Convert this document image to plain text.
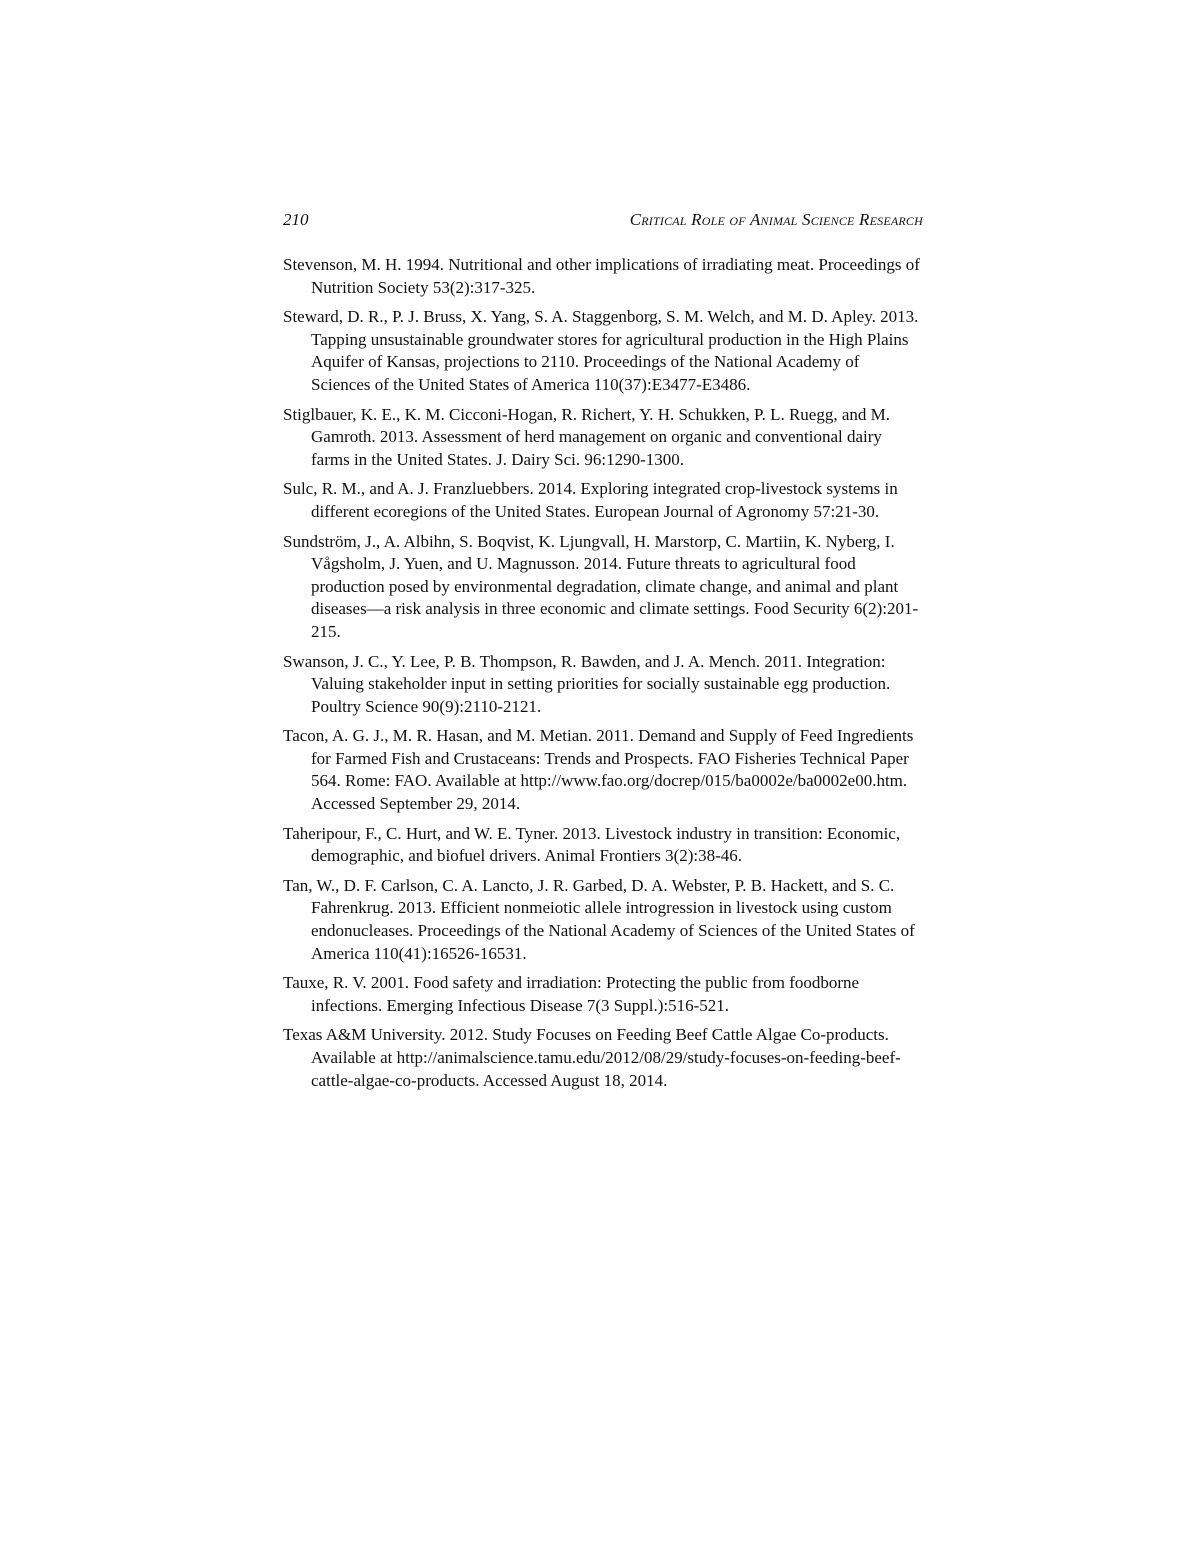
210	Critical Role of Animal Science Research

Stevenson, M. H. 1994. Nutritional and other implications of irradiating meat. Proceedings of Nutrition Society 53(2):317-325.

Steward, D. R., P. J. Bruss, X. Yang, S. A. Staggenborg, S. M. Welch, and M. D. Apley. 2013. Tapping unsustainable groundwater stores for agricultural production in the High Plains Aquifer of Kansas, projections to 2110. Proceedings of the National Academy of Sciences of the United States of America 110(37):E3477-E3486.

Stiglbauer, K. E., K. M. Cicconi-Hogan, R. Richert, Y. H. Schukken, P. L. Ruegg, and M. Gamroth. 2013. Assessment of herd management on organic and conventional dairy farms in the United States. J. Dairy Sci. 96:1290-1300.

Sulc, R. M., and A. J. Franzluebbers. 2014. Exploring integrated crop-livestock systems in different ecoregions of the United States. European Journal of Agronomy 57:21-30.

Sundström, J., A. Albihn, S. Boqvist, K. Ljungvall, H. Marstorp, C. Martiin, K. Nyberg, I. Vågsholm, J. Yuen, and U. Magnusson. 2014. Future threats to agricultural food production posed by environmental degradation, climate change, and animal and plant diseases—a risk analysis in three economic and climate settings. Food Security 6(2):201-215.

Swanson, J. C., Y. Lee, P. B. Thompson, R. Bawden, and J. A. Mench. 2011. Integration: Valuing stakeholder input in setting priorities for socially sustainable egg production. Poultry Science 90(9):2110-2121.

Tacon, A. G. J., M. R. Hasan, and M. Metian. 2011. Demand and Supply of Feed Ingredients for Farmed Fish and Crustaceans: Trends and Prospects. FAO Fisheries Technical Paper 564. Rome: FAO. Available at http://www.fao.org/docrep/015/ba0002e/ba0002e00.htm. Accessed September 29, 2014.

Taheripour, F., C. Hurt, and W. E. Tyner. 2013. Livestock industry in transition: Economic, demographic, and biofuel drivers. Animal Frontiers 3(2):38-46.

Tan, W., D. F. Carlson, C. A. Lancto, J. R. Garbed, D. A. Webster, P. B. Hackett, and S. C. Fahrenkrug. 2013. Efficient nonmeiotic allele introgression in livestock using custom endonucleases. Proceedings of the National Academy of Sciences of the United States of America 110(41):16526-16531.

Tauxe, R. V. 2001. Food safety and irradiation: Protecting the public from foodborne infections. Emerging Infectious Disease 7(3 Suppl.):516-521.

Texas A&M University. 2012. Study Focuses on Feeding Beef Cattle Algae Co-products. Available at http://animalscience.tamu.edu/2012/08/29/study-focuses-on-feeding-beef-cattle-algae-co-products. Accessed August 18, 2014.
